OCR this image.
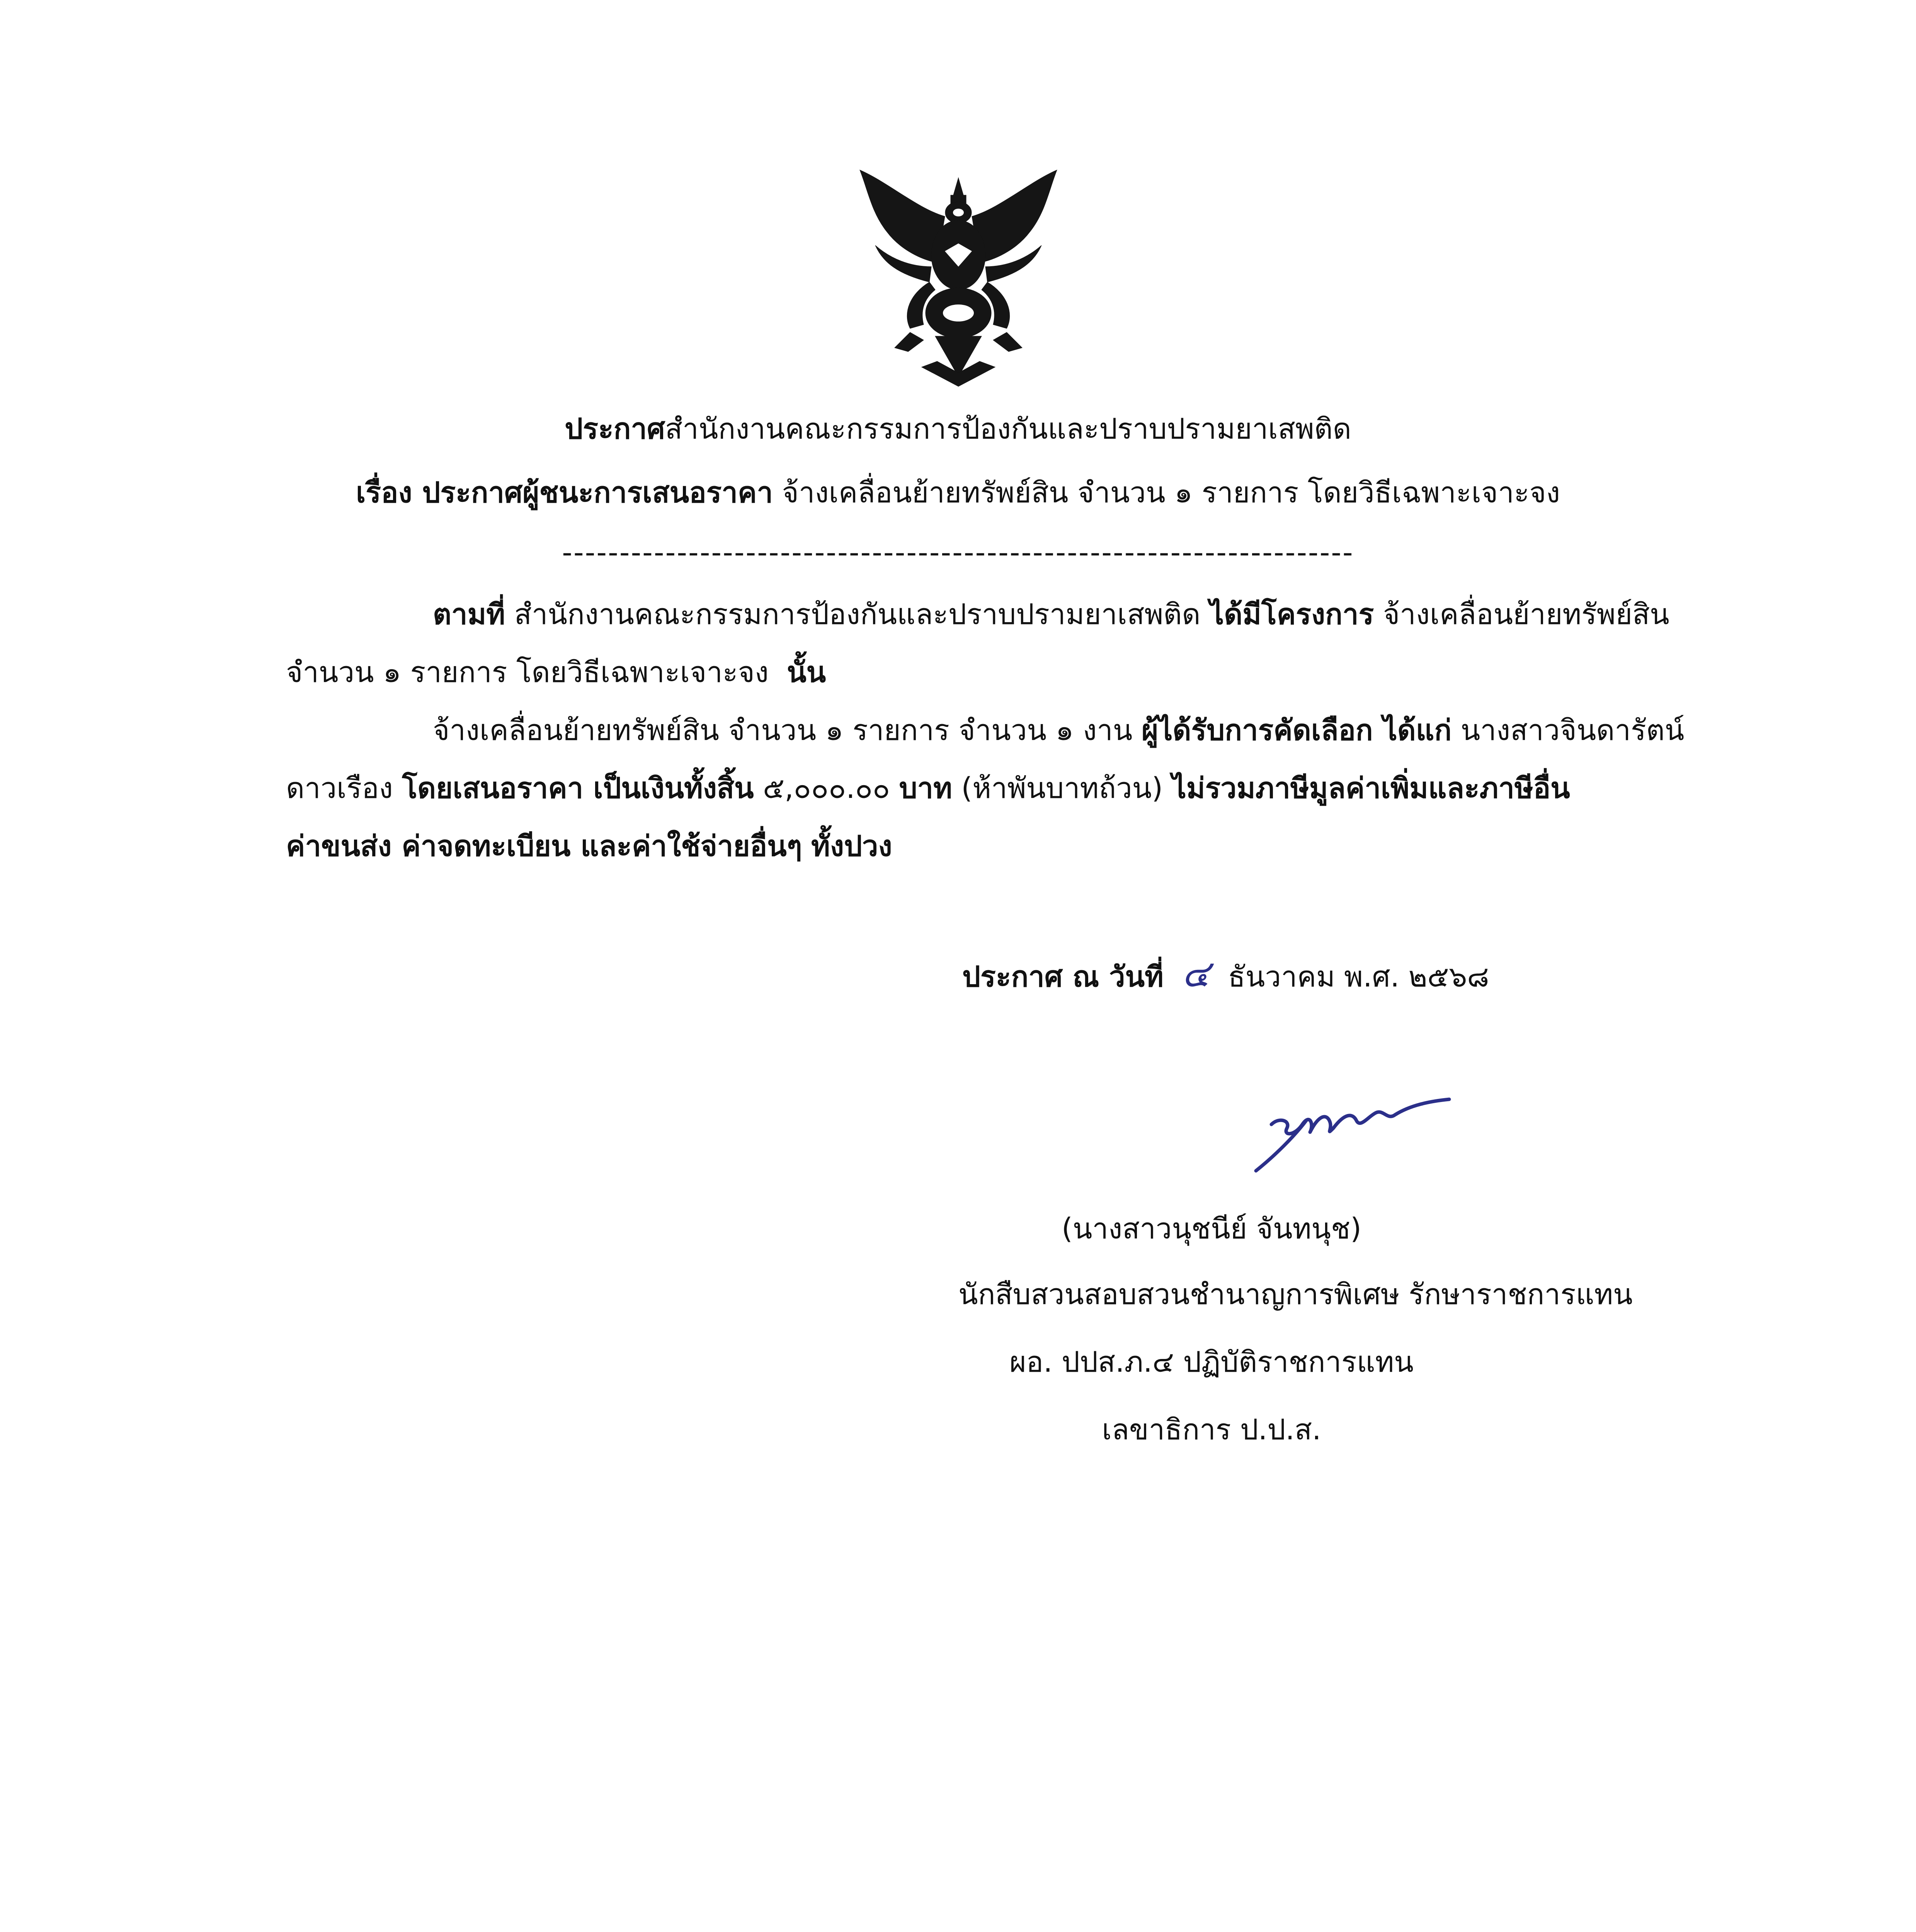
ประกาศสำนักงานคณะกรรมการป้องกันและปราบปรามยาเสพติด
เรื่อง ประกาศผู้ชนะการเสนอราคา จ้างเคลื่อนย้ายทรัพย์สิน จำนวน ๑ รายการ โดยวิธีเฉพาะเจาะจง
---------------------------------------------------------------------
ตามที่ สำนักงานคณะกรรมการป้องกันและปราบปรามยาเสพติด ได้มีโครงการ จ้างเคลื่อนย้ายทรัพย์สิน
จำนวน ๑ รายการ โดยวิธีเฉพาะเจาะจง นั้น
จ้างเคลื่อนย้ายทรัพย์สิน จำนวน ๑ รายการ จำนวน ๑ งาน ผู้ได้รับการคัดเลือก ได้แก่ นางสาวจินดารัตน์
ดาวเรือง โดยเสนอราคา เป็นเงินทั้งสิ้น ๕,๐๐๐.๐๐ บาท (ห้าพันบาทถ้วน) ไม่รวมภาษีมูลค่าเพิ่มและภาษีอื่น
ค่าขนส่ง ค่าจดทะเบียน และค่าใช้จ่ายอื่นๆ ทั้งปวง
ประกาศ ณ วันที่ ๔ ธันวาคม พ.ศ. ๒๕๖๘
(นางสาวนุชนีย์ จันทนุช)
นักสืบสวนสอบสวนชำนาญการพิเศษ รักษาราชการแทน
ผอ. ปปส.ภ.๔ ปฏิบัติราชการแทน
เลขาธิการ ป.ป.ส.
